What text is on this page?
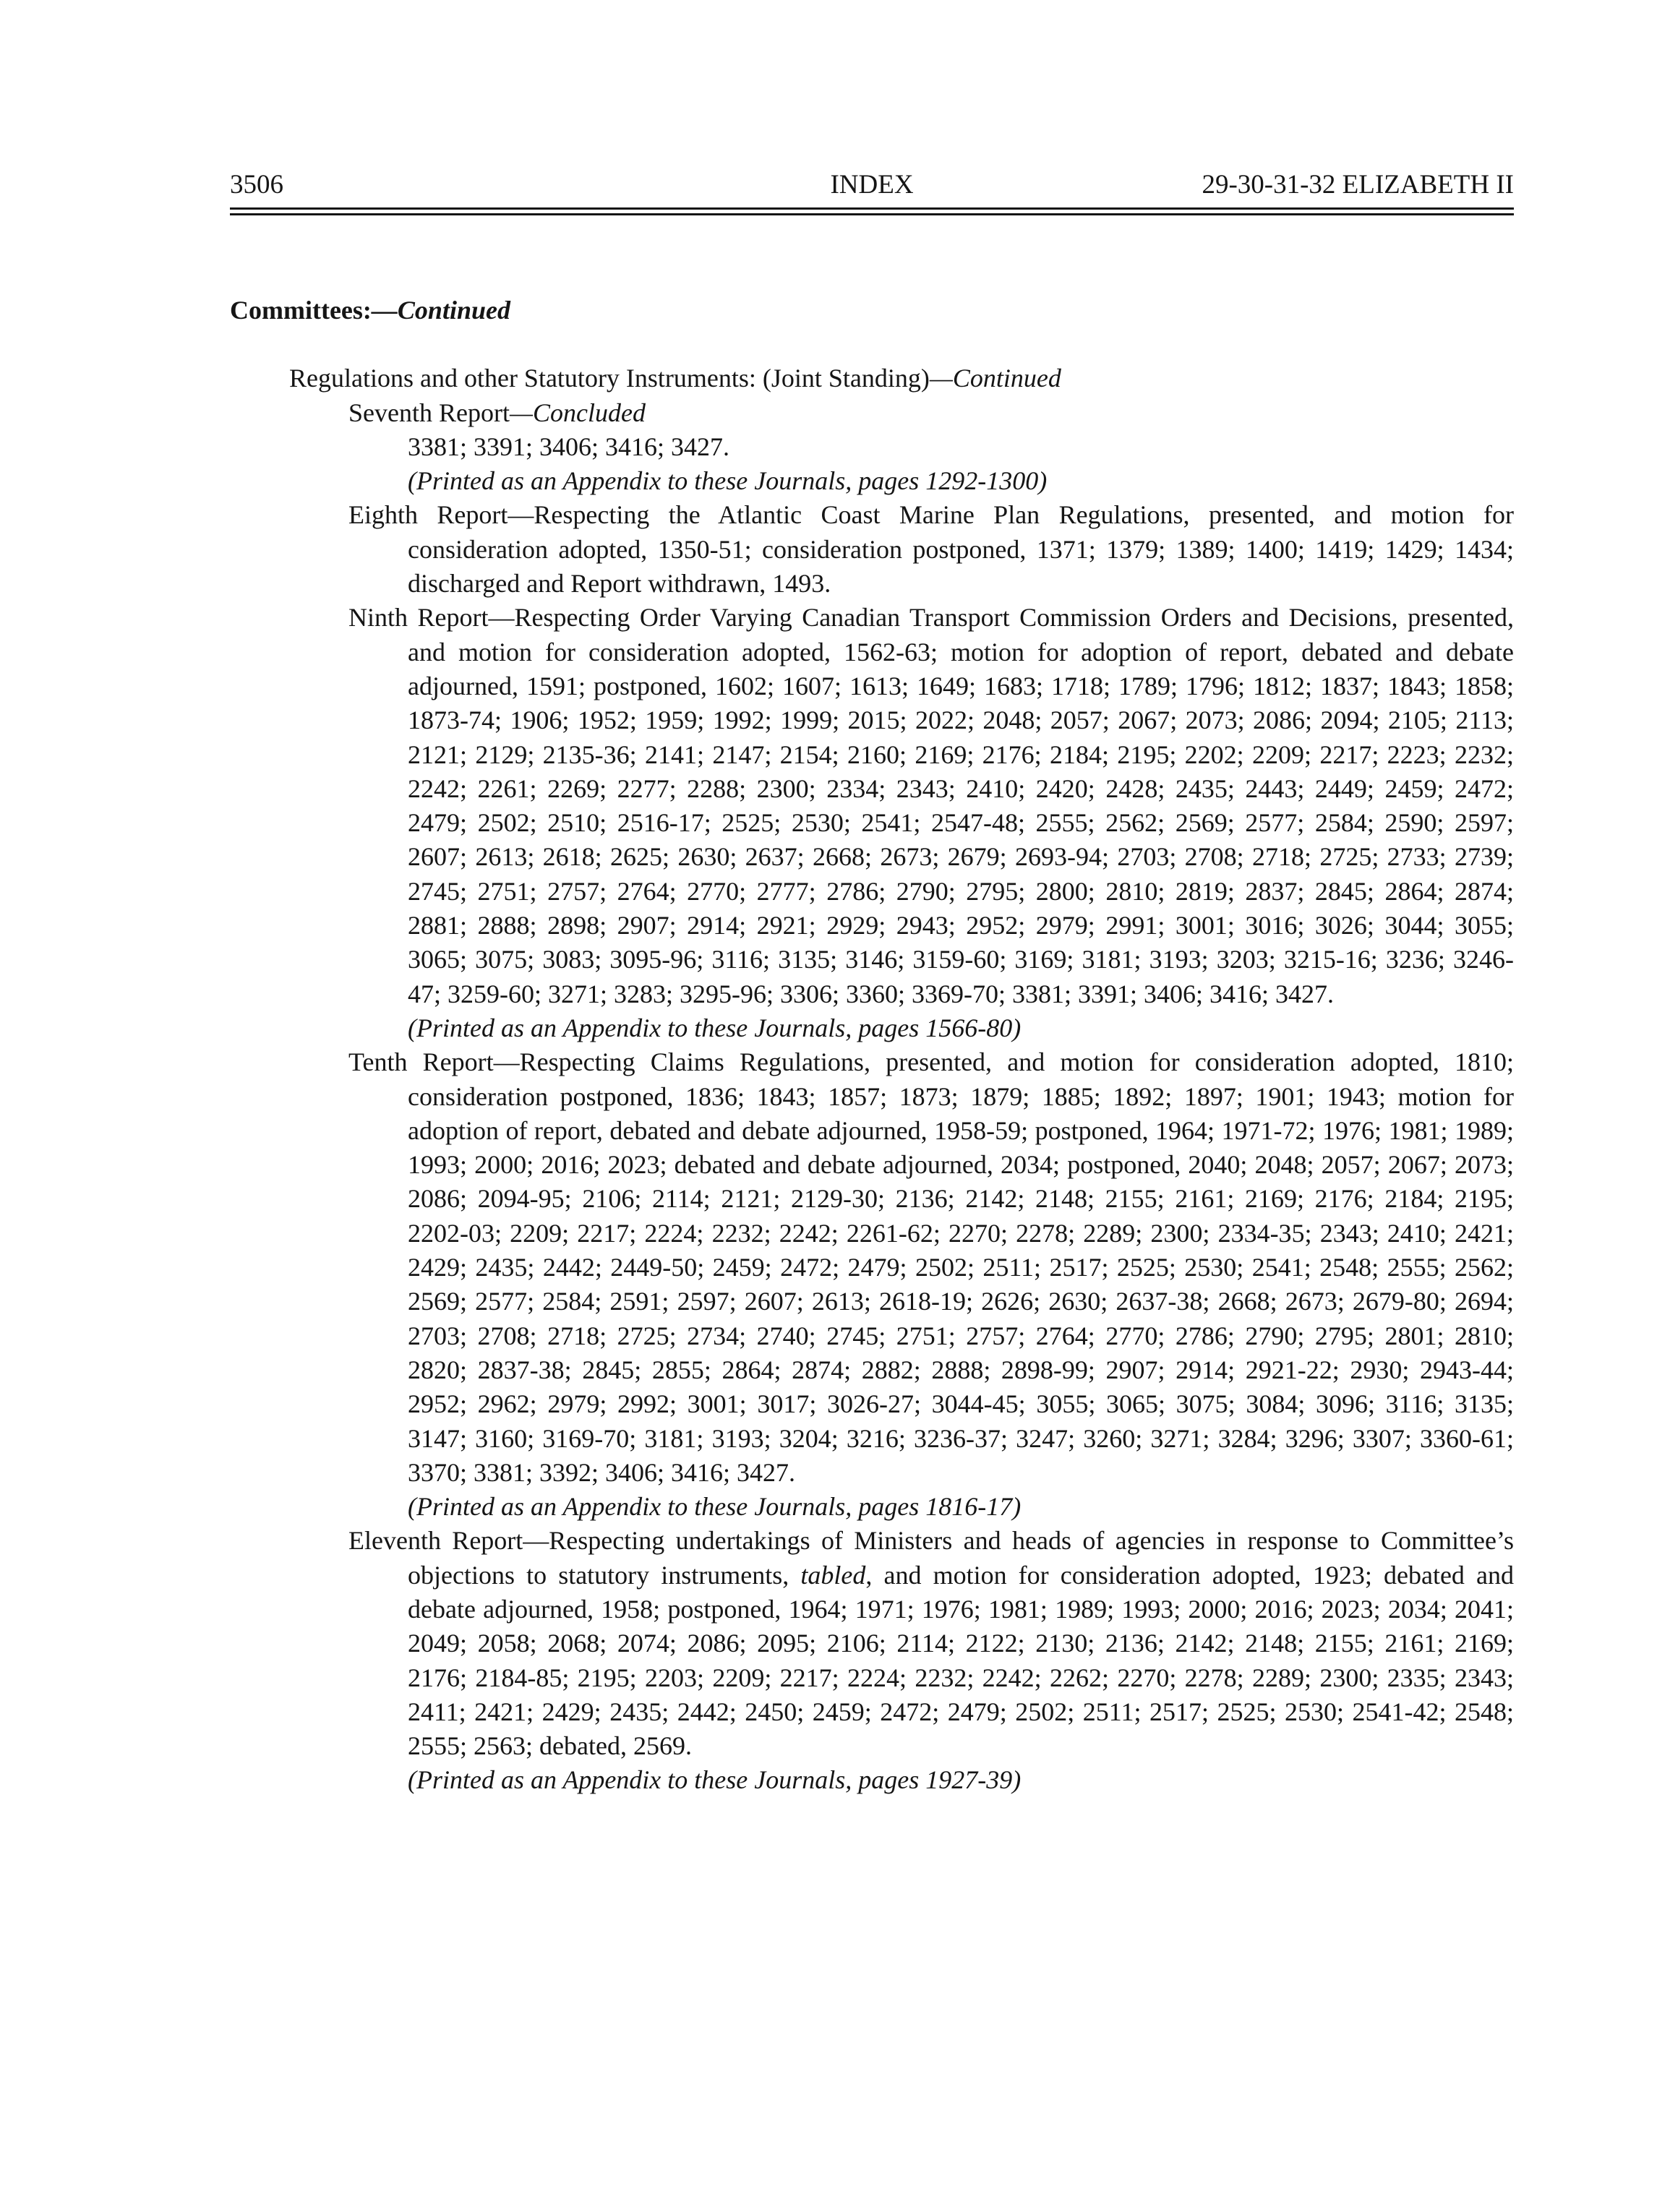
3506	INDEX	29-30-31-32 ELIZABETH II
Committees:—Continued
Regulations and other Statutory Instruments: (Joint Standing)—Continued
Seventh Report—Concluded
3381; 3391; 3406; 3416; 3427.
(Printed as an Appendix to these Journals, pages 1292-1300)
Eighth Report—Respecting the Atlantic Coast Marine Plan Regulations, presented, and motion for consideration adopted, 1350-51; consideration postponed, 1371; 1379; 1389; 1400; 1419; 1429; 1434; discharged and Report withdrawn, 1493.
Ninth Report—Respecting Order Varying Canadian Transport Commission Orders and Decisions, presented, and motion for consideration adopted, 1562-63; motion for adoption of report, debated and debate adjourned, 1591; postponed, 1602; 1607; 1613; 1649; 1683; 1718; 1789; 1796; 1812; 1837; 1843; 1858; 1873-74; 1906; 1952; 1959; 1992; 1999; 2015; 2022; 2048; 2057; 2067; 2073; 2086; 2094; 2105; 2113; 2121; 2129; 2135-36; 2141; 2147; 2154; 2160; 2169; 2176; 2184; 2195; 2202; 2209; 2217; 2223; 2232; 2242; 2261; 2269; 2277; 2288; 2300; 2334; 2343; 2410; 2420; 2428; 2435; 2443; 2449; 2459; 2472; 2479; 2502; 2510; 2516-17; 2525; 2530; 2541; 2547-48; 2555; 2562; 2569; 2577; 2584; 2590; 2597; 2607; 2613; 2618; 2625; 2630; 2637; 2668; 2673; 2679; 2693-94; 2703; 2708; 2718; 2725; 2733; 2739; 2745; 2751; 2757; 2764; 2770; 2777; 2786; 2790; 2795; 2800; 2810; 2819; 2837; 2845; 2864; 2874; 2881; 2888; 2898; 2907; 2914; 2921; 2929; 2943; 2952; 2979; 2991; 3001; 3016; 3026; 3044; 3055; 3065; 3075; 3083; 3095-96; 3116; 3135; 3146; 3159-60; 3169; 3181; 3193; 3203; 3215-16; 3236; 3246-47; 3259-60; 3271; 3283; 3295-96; 3306; 3360; 3369-70; 3381; 3391; 3406; 3416; 3427.
(Printed as an Appendix to these Journals, pages 1566-80)
Tenth Report—Respecting Claims Regulations, presented, and motion for consideration adopted, 1810; consideration postponed, 1836; 1843; 1857; 1873; 1879; 1885; 1892; 1897; 1901; 1943; motion for adoption of report, debated and debate adjourned, 1958-59; postponed, 1964; 1971-72; 1976; 1981; 1989; 1993; 2000; 2016; 2023; debated and debate adjourned, 2034; postponed, 2040; 2048; 2057; 2067; 2073; 2086; 2094-95; 2106; 2114; 2121; 2129-30; 2136; 2142; 2148; 2155; 2161; 2169; 2176; 2184; 2195; 2202-03; 2209; 2217; 2224; 2232; 2242; 2261-62; 2270; 2278; 2289; 2300; 2334-35; 2343; 2410; 2421; 2429; 2435; 2442; 2449-50; 2459; 2472; 2479; 2502; 2511; 2517; 2525; 2530; 2541; 2548; 2555; 2562; 2569; 2577; 2584; 2591; 2597; 2607; 2613; 2618-19; 2626; 2630; 2637-38; 2668; 2673; 2679-80; 2694; 2703; 2708; 2718; 2725; 2734; 2740; 2745; 2751; 2757; 2764; 2770; 2786; 2790; 2795; 2801; 2810; 2820; 2837-38; 2845; 2855; 2864; 2874; 2882; 2888; 2898-99; 2907; 2914; 2921-22; 2930; 2943-44; 2952; 2962; 2979; 2992; 3001; 3017; 3026-27; 3044-45; 3055; 3065; 3075; 3084; 3096; 3116; 3135; 3147; 3160; 3169-70; 3181; 3193; 3204; 3216; 3236-37; 3247; 3260; 3271; 3284; 3296; 3307; 3360-61; 3370; 3381; 3392; 3406; 3416; 3427.
(Printed as an Appendix to these Journals, pages 1816-17)
Eleventh Report—Respecting undertakings of Ministers and heads of agencies in response to Committee’s objections to statutory instruments, tabled, and motion for consideration adopted, 1923; debated and debate adjourned, 1958; postponed, 1964; 1971; 1976; 1981; 1989; 1993; 2000; 2016; 2023; 2034; 2041; 2049; 2058; 2068; 2074; 2086; 2095; 2106; 2114; 2122; 2130; 2136; 2142; 2148; 2155; 2161; 2169; 2176; 2184-85; 2195; 2203; 2209; 2217; 2224; 2232; 2242; 2262; 2270; 2278; 2289; 2300; 2335; 2343; 2411; 2421; 2429; 2435; 2442; 2450; 2459; 2472; 2479; 2502; 2511; 2517; 2525; 2530; 2541-42; 2548; 2555; 2563; debated, 2569.
(Printed as an Appendix to these Journals, pages 1927-39)
